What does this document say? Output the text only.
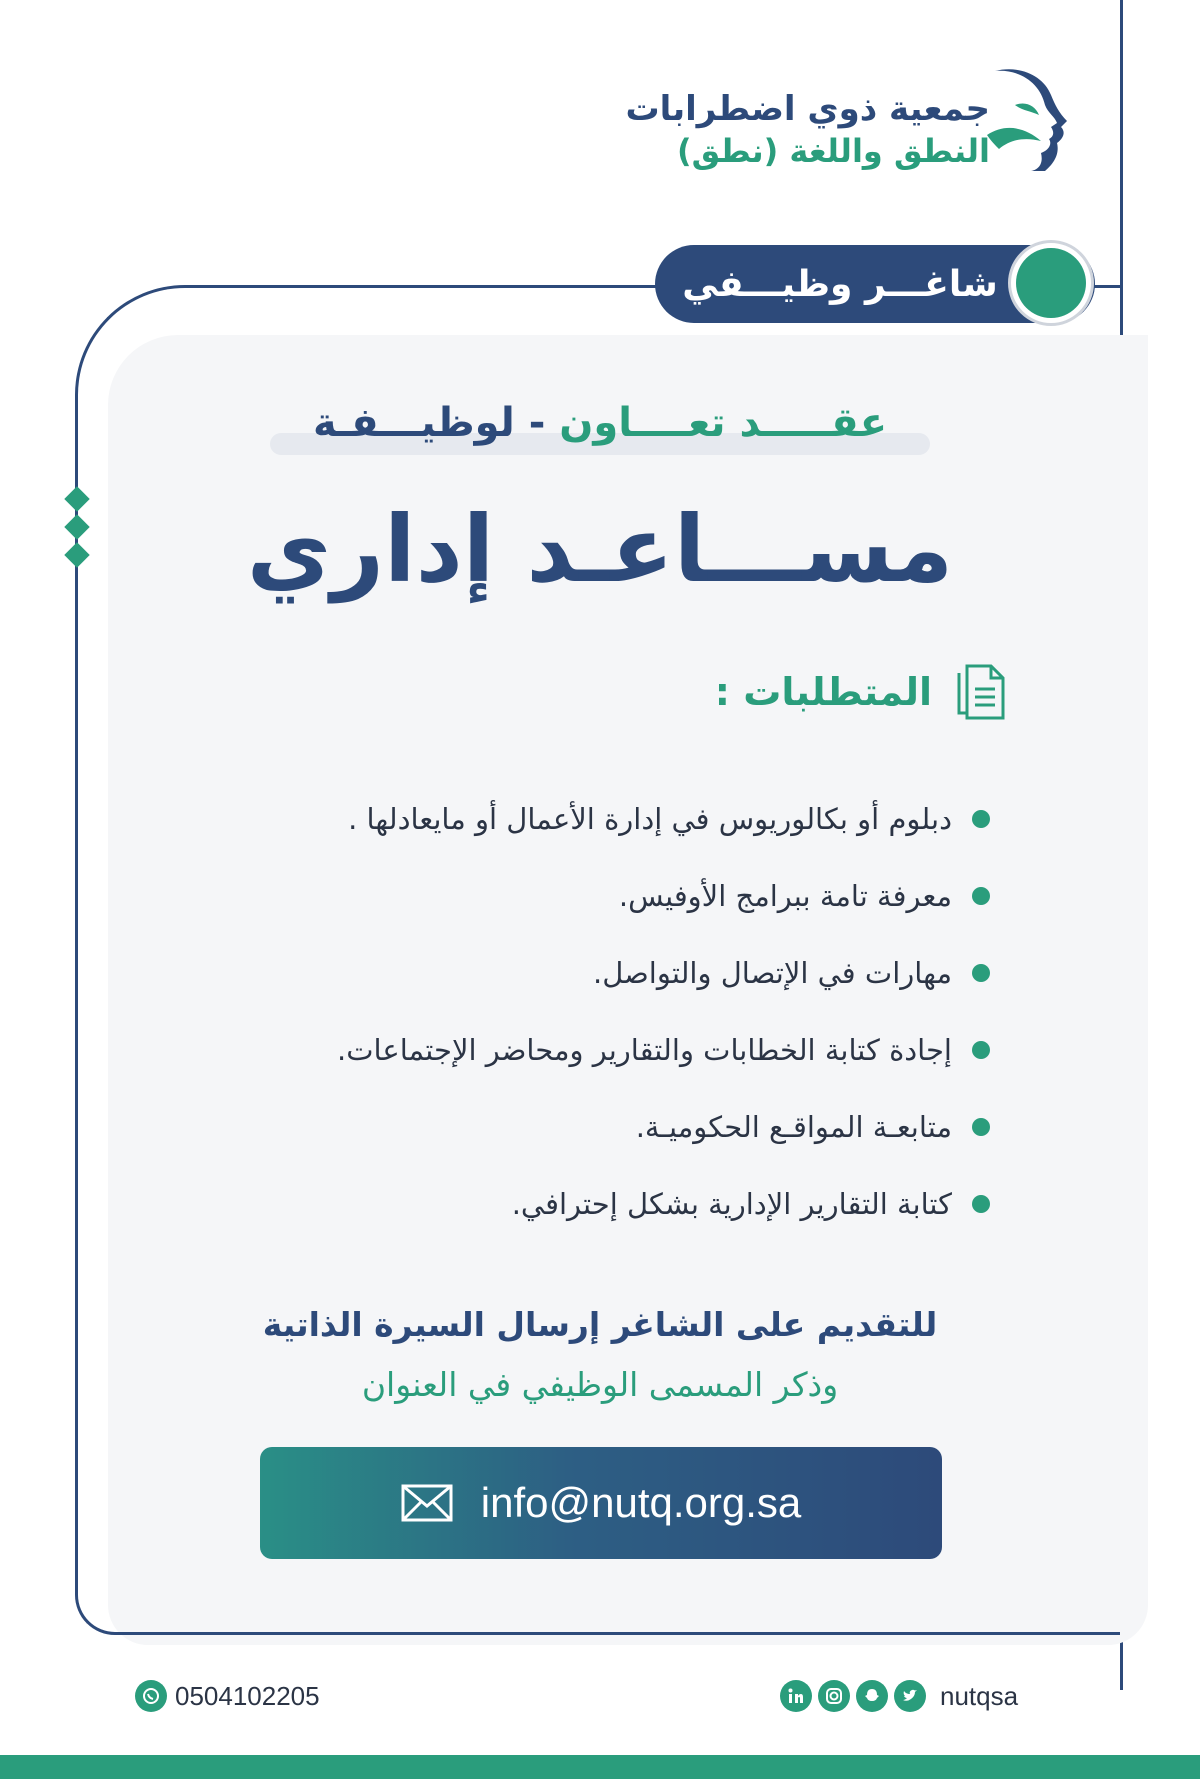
جمعية ذوي اضطرابات
النطق واللغة (نطق)
شاغـــر وظيـــفي
عقـــــد تعــــاون - لوظيـــفـة
مســـاعـد إداري
المتطلبات :
دبلوم أو بكالوريوس في إدارة الأعمال أو مايعادلها .
معرفة تامة ببرامج الأوفيس.
مهارات في الإتصال والتواصل.
إجادة كتابة الخطابات والتقارير ومحاضر الإجتماعات.
متابعـة المواقـع الحكوميـة.
كتابة التقارير الإدارية بشكل إحترافي.
للتقديم على الشاغر إرسال السيرة الذاتية
وذكر المسمى الوظيفي في العنوان
info@nutq.org.sa
0504102205	nutqsa
